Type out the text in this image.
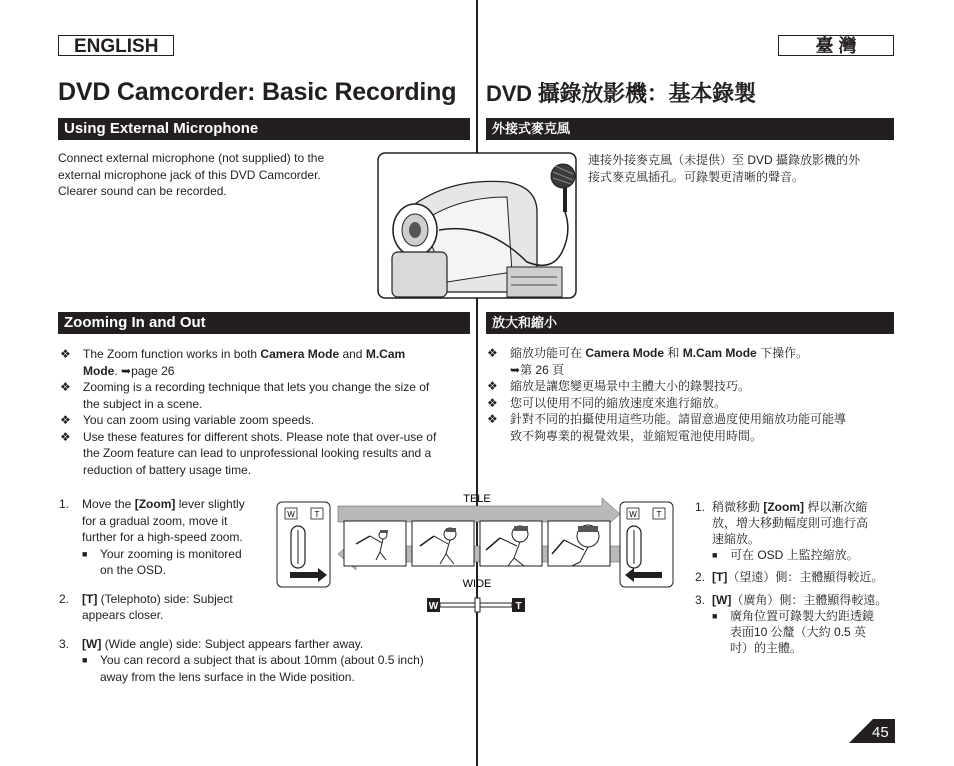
ENGLISH	臺 灣
DVD Camcorder: Basic Recording DVD 攝錄放影機：基本錄製
Using External Microphone	外接式麥克風
Connect external microphone (not supplied) to the
external microphone jack of this DVD Camcorder.
Clearer sound can be recorded.
連接外接麥克風（未提供）至 DVD 攝錄放影機的外
接式麥克風插孔。可錄製更清晰的聲音。
Zooming In and Out	放大和縮小
❖ The Zoom function works in both Camera Mode and M.Cam
Mode. ➥page 26
❖ Zooming is a recording technique that lets you change the size of
the subject in a scene.
❖ You can zoom using variable zoom speeds.
❖ Use these features for different shots. Please note that over-use of
the Zoom feature can lead to unprofessional looking results and a
reduction of battery usage time.
❖ 縮放功能可在 Camera Mode 和 M.Cam Mode 下操作。
➥第 26 頁
❖ 縮放是讓您變更場景中主體大小的錄製技巧。
❖ 您可以使用不同的縮放速度來進行縮放。
❖ 針對不同的拍攝使用這些功能。請留意過度使用縮放功能可能導
致不夠專業的視覺效果，並縮短電池使用時間。
1. Move the [Zoom] lever slightly
for a gradual zoom, move it
further for a high-speed zoom.
■ Your zooming is monitored
on the OSD.
2. [T] (Telephoto) side: Subject
appears closer.
3. [W] (Wide angle) side: Subject appears farther away.
■ You can record a subject that is about 10mm (about 0.5 inch)
away from the lens surface in the Wide position.
1. 稍微移動 [Zoom] 桿以漸次縮
放，增大移動幅度則可進行高
速縮放。
■ 可在 OSD 上監控縮放。
2. [T]（望遠）側：主體顯得較近。
3. [W]（廣角）側：主體顯得較遠。
■ 廣角位置可錄製大約距透鏡
表面10 公釐（大約 0.5 英
吋）的主體。
TELE
WIDE
W T	W T
W	T
45
